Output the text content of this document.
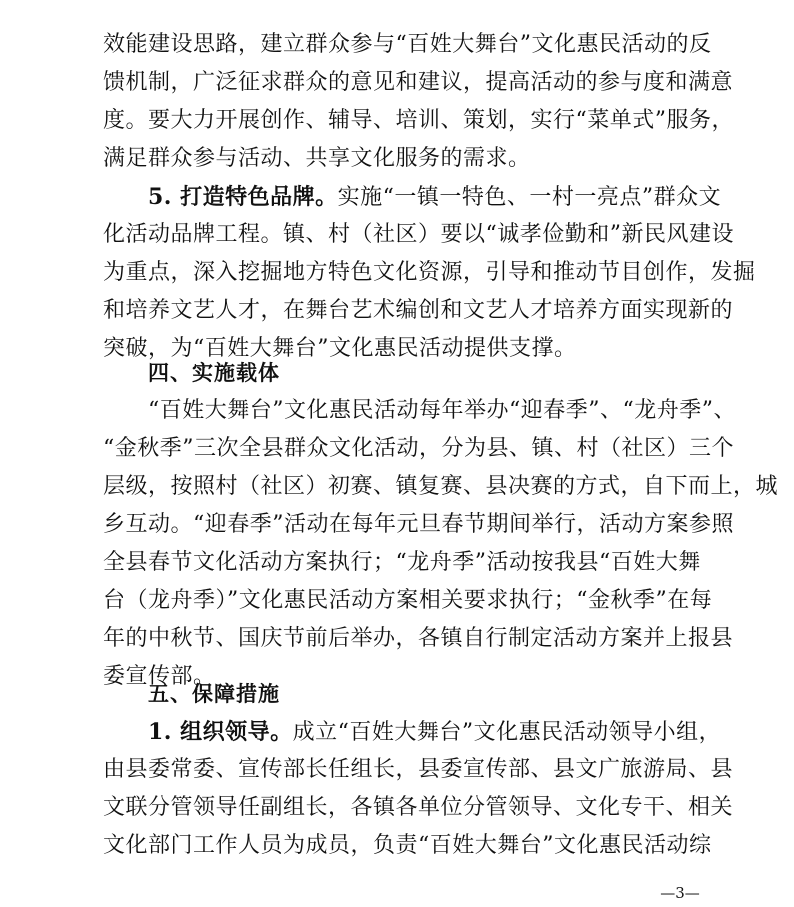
效能建设思路，建立群众参与“百姓大舞台”文化惠民活动的反
馈机制，广泛征求群众的意见和建议，提高活动的参与度和满意
度。要大力开展创作、辅导、培训、策划，实行“菜单式”服务，
满足群众参与活动、共享文化服务的需求。
5. 打造特色品牌。实施“一镇一特色、一村一亮点”群众文
化活动品牌工程。镇、村（社区）要以“诚孝俭勤和”新民风建设
为重点，深入挖掘地方特色文化资源，引导和推动节目创作，发掘
和培养文艺人才，在舞台艺术编创和文艺人才培养方面实现新的
突破，为“百姓大舞台”文化惠民活动提供支撑。
四、实施载体
“百姓大舞台”文化惠民活动每年举办“迎春季”、“龙舟季”、
“金秋季”三次全县群众文化活动，分为县、镇、村（社区）三个
层级，按照村（社区）初赛、镇复赛、县决赛的方式，自下而上，城
乡互动。“迎春季”活动在每年元旦春节期间举行，活动方案参照
全县春节文化活动方案执行；“龙舟季”活动按我县“百姓大舞
台（龙舟季）”文化惠民活动方案相关要求执行；“金秋季”在每
年的中秋节、国庆节前后举办，各镇自行制定活动方案并上报县
委宣传部。
五、保障措施
1. 组织领导。成立“百姓大舞台”文化惠民活动领导小组，
由县委常委、宣传部长任组长，县委宣传部、县文广旅游局、县
文联分管领导任副组长，各镇各单位分管领导、文化专干、相关
文化部门工作人员为成员，负责“百姓大舞台”文化惠民活动综
—3—
